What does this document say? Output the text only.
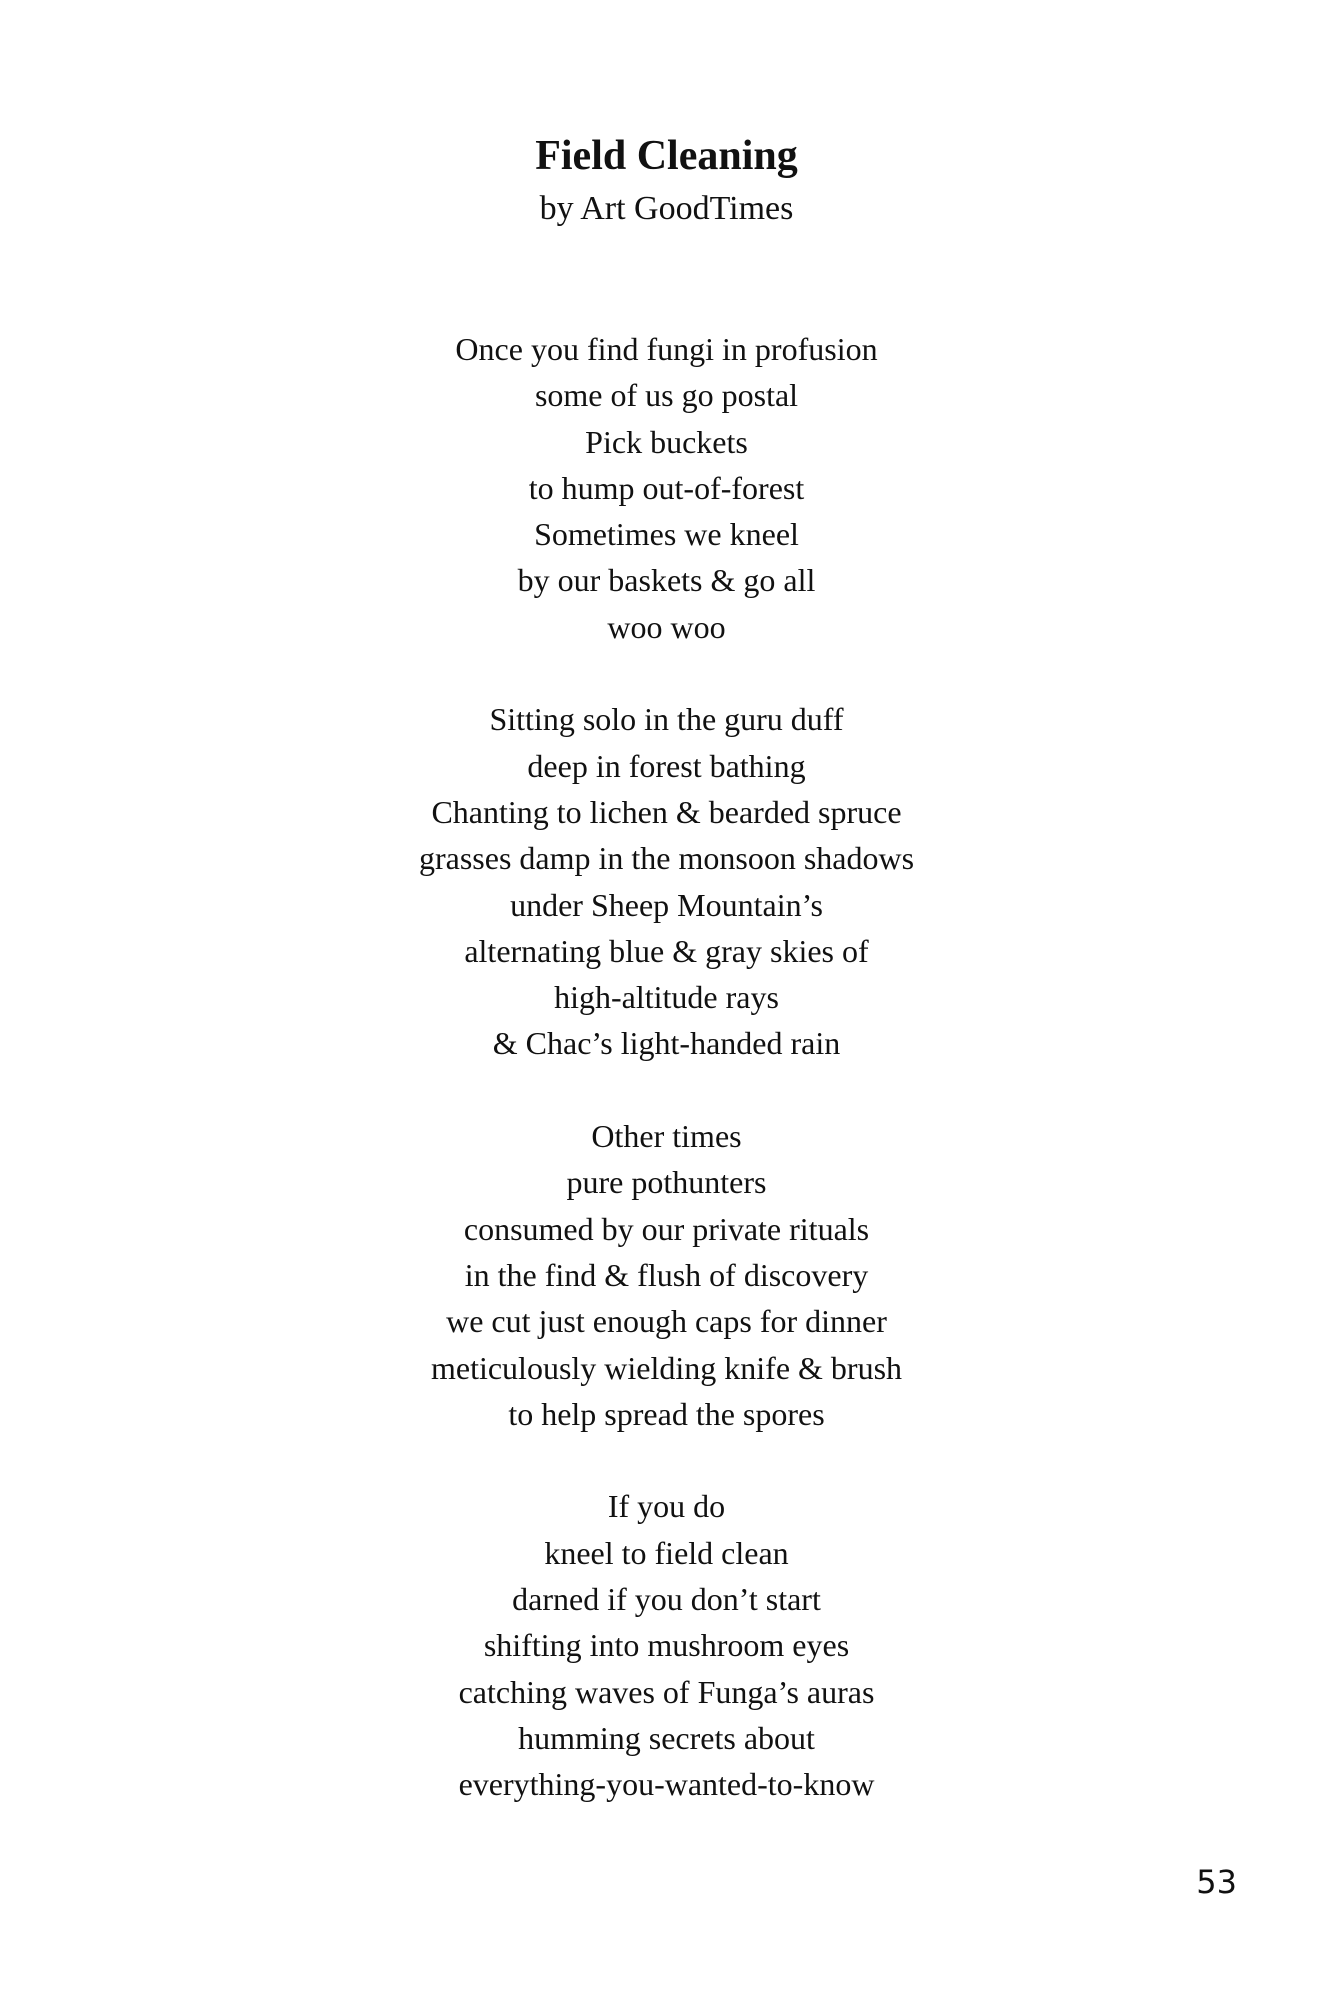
Field Cleaning

by Art GoodTimes

Once you find fungi in profusion
some of us go postal
Pick buckets
to hump out-of-forest
Sometimes we kneel
by our baskets & go all
woo woo
Sitting solo in the guru duff
deep in forest bathing
Chanting to lichen & bearded spruce
grasses damp in the monsoon shadows
under Sheep Mountain’s
alternating blue & gray skies of
high-altitude rays
& Chac’s light-handed rain
Other times
pure pothunters
consumed by our private rituals
in the find & flush of discovery
we cut just enough caps for dinner
meticulously wielding knife & brush
to help spread the spores
If you do
kneel to field clean
darned if you don’t start
shifting into mushroom eyes
catching waves of Funga’s auras
humming secrets about
everything-you-wanted-to-know
53
